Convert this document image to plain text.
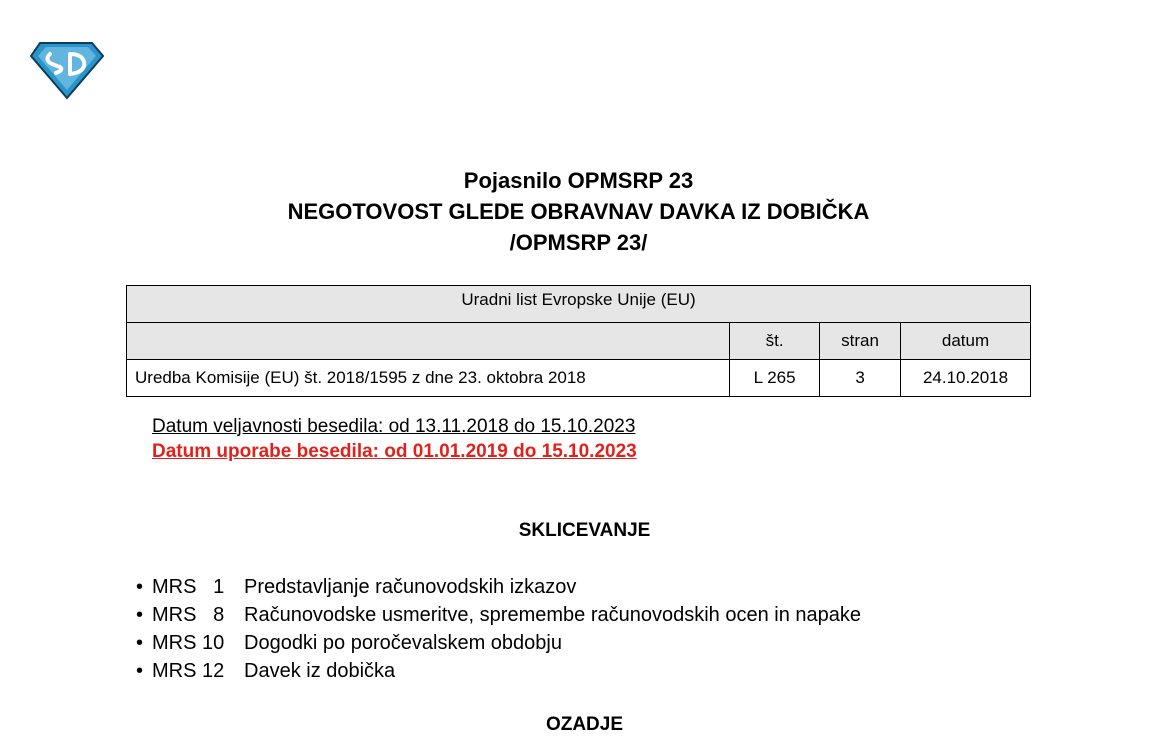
Pojasnilo OPMSRP 23
NEGOTOVOST GLEDE OBRAVNAV DAVKA IZ DOBIČKA
/OPMSRP 23/
Uradni list Evropske Unije (EU)			
	št.	stran	datum
Uredba Komisije (EU) št. 2018/1595 z dne 23. oktobra 2018	L 265	3	24.10.2018
Datum veljavnosti besedila: od 13.11.2018 do 15.10.2023
Datum uporabe besedila: od 01.01.2019 do 15.10.2023
SKLICEVANJE
• MRS   1 Predstavljanje računovodskih izkazov
• MRS   8 Računovodske usmeritve, spremembe računovodskih ocen in napake
• MRS 10 Dogodki po poročevalskem obdobju
• MRS 12 Davek iz dobička
OZADJE
